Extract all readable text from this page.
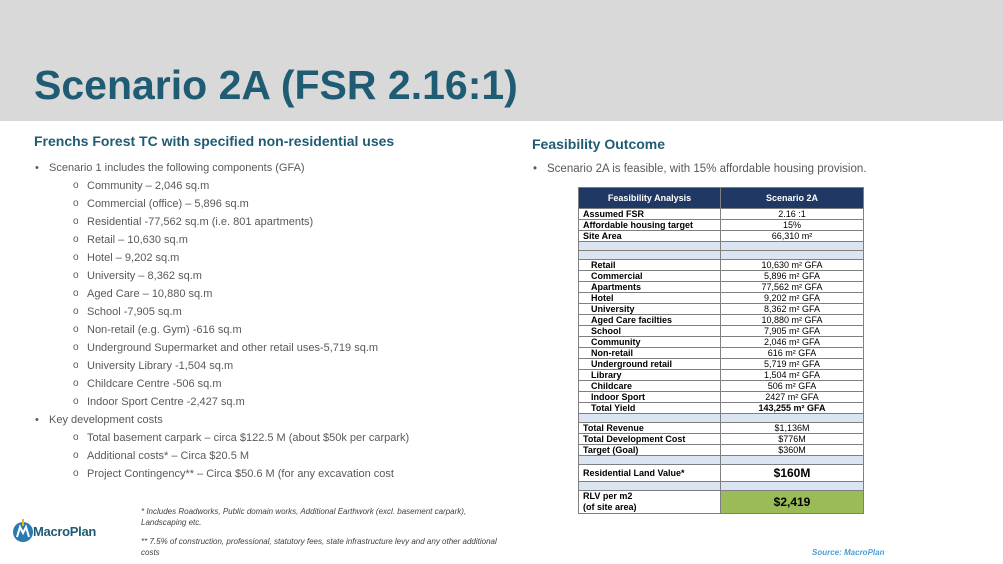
Scenario 2A (FSR 2.16:1)
Frenchs Forest TC with specified non-residential uses
• Scenario 1 includes the following components (GFA)
o Community – 2,046 sq.m
o Commercial (office) – 5,896 sq.m
o Residential -77,562 sq.m (i.e. 801 apartments)
o Retail – 10,630 sq.m
o Hotel – 9,202 sq.m
o University – 8,362 sq.m
o Aged Care – 10,880 sq.m
o School -7,905 sq.m
o Non-retail (e.g. Gym) -616 sq.m
o Underground Supermarket and other retail uses-5,719 sq.m
o University Library -1,504 sq.m
o Childcare Centre -506 sq.m
o Indoor Sport Centre -2,427 sq.m
• Key development costs
o Total basement carpark – circa $122.5 M (about $50k per carpark)
o Additional costs* – Circa $20.5 M
o Project Contingency** – Circa $50.6 M (for any excavation cost
* Includes Roadworks, Public domain works, Additional Earthwork (excl. basement carpark), Landscaping etc.
** 7.5% of construction, professional, statutory fees, state infrastructure levy and any other additional costs
MacroPlan
Feasibility Outcome
• Scenario 2A is feasible, with 15% affordable housing provision.
Feasibility Analysis	Scenario 2A
Assumed FSR	2.16 :1
Affordable housing target	15%
Site Area	66,310 m²

Retail	10,630 m² GFA
Commercial	5,896 m² GFA
Apartments	77,562 m² GFA
Hotel	9,202 m² GFA
University	8,362 m² GFA
Aged Care facilties	10,880 m² GFA
School	7,905 m² GFA
Community	2,046 m² GFA
Non-retail	616 m² GFA
Underground retail	5,719 m² GFA
Library	1,504 m² GFA
Childcare	506 m² GFA
Indoor Sport	2427 m² GFA
Total Yield	143,255 m² GFA

Total Revenue	$1,136M
Total Development Cost	$776M
Target (Goal)	$360M

Residential Land Value*	$160M

RLV per m2
(of site area)	$2,419
Source: MacroPlan
